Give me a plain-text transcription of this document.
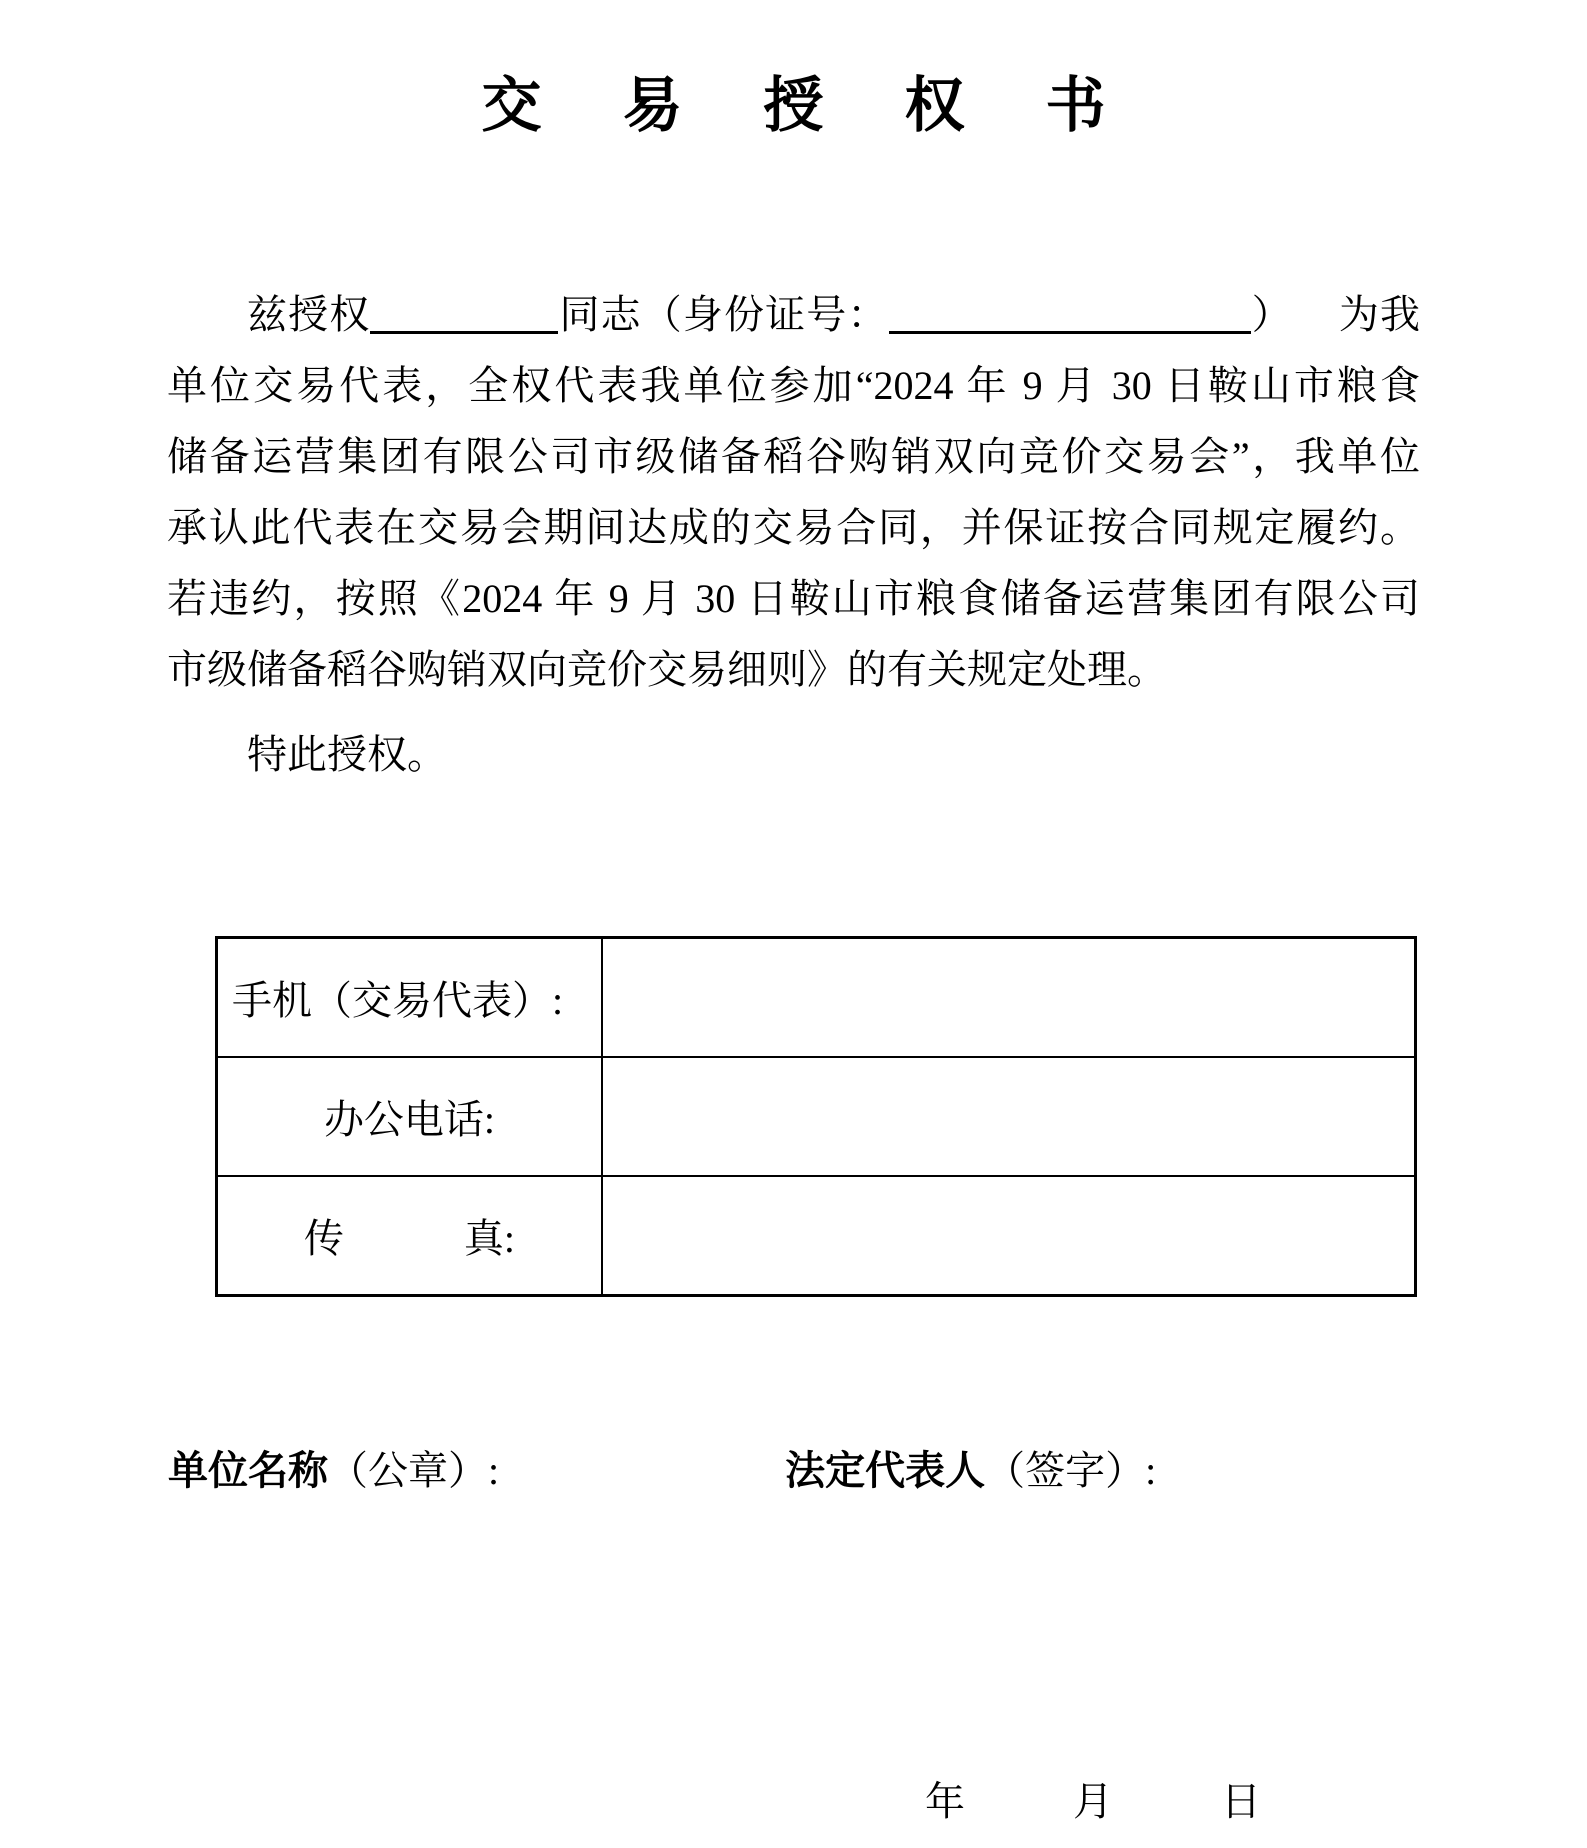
交 易 授 权 书
兹授权	同志（身份证号：	） 为我
单位交易代表，全权代表我单位参加“2024 年 9 月 30 日鞍山市粮食
储备运营集团有限公司市级储备稻谷购销双向竞价交易会”，我单位
承认此代表在交易会期间达成的交易合同，并保证按合同规定履约。
若违约，按照《2024 年 9 月 30 日鞍山市粮食储备运营集团有限公司
市级储备稻谷购销双向竞价交易细则》的有关规定处理。

特此授权。

手机（交易代表）:	
办公电话:	
传　　　真:	
单位名称（公章）:	法定代表人（签字）:
年	月	日
